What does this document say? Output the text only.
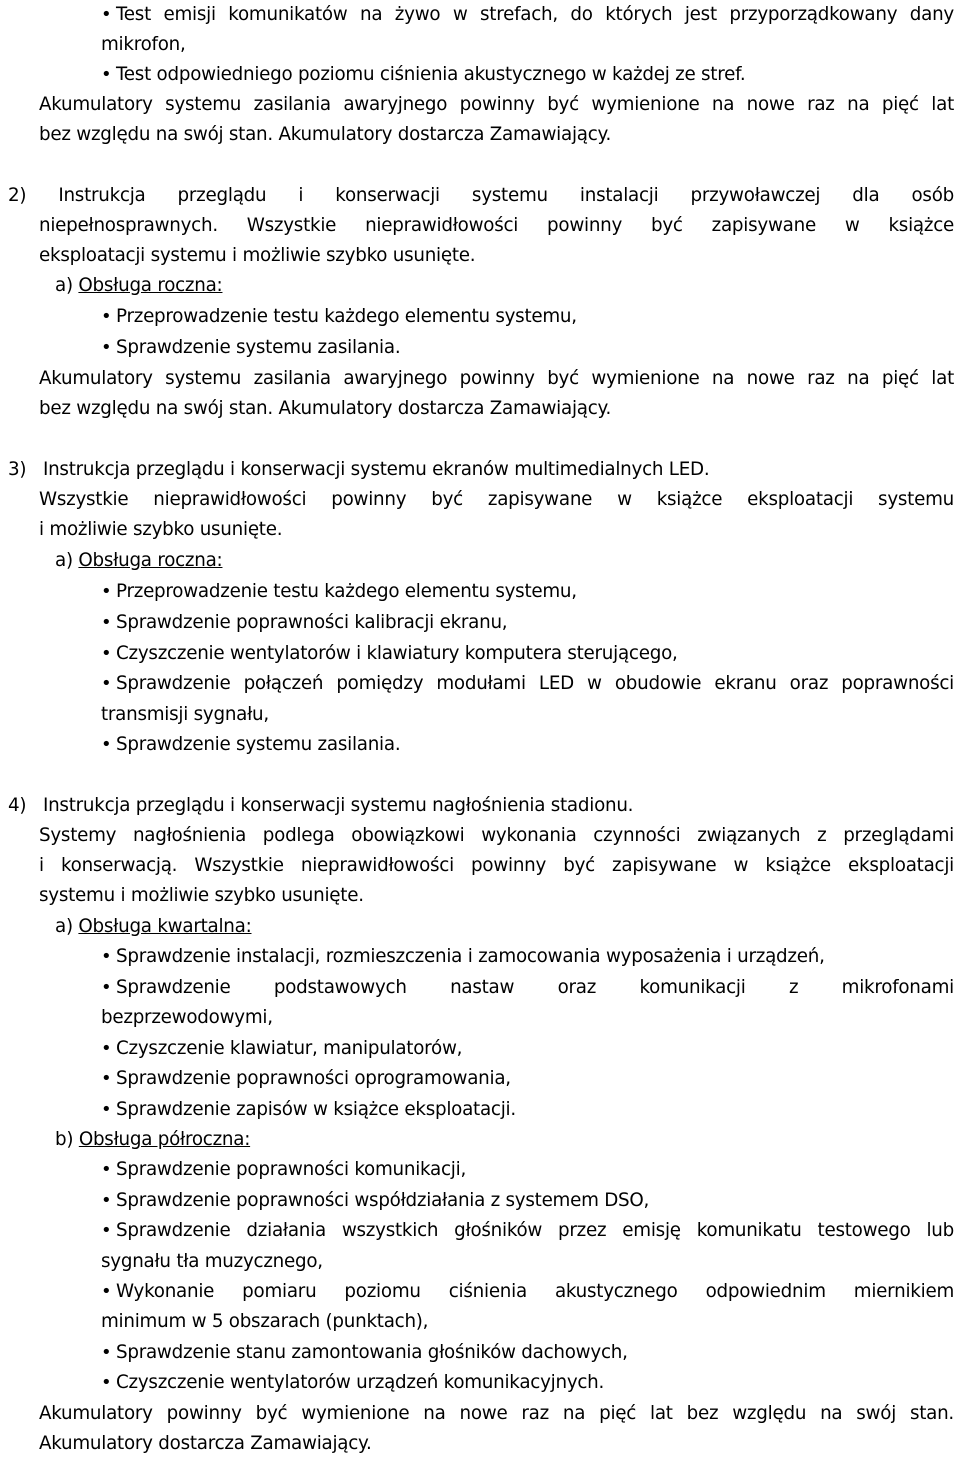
• Test emisji komunikatów na żywo w strefach, do których jest przyporządkowany dany
mikrofon,
• Test odpowiedniego poziomu ciśnienia akustycznego w każdej ze stref.
Akumulatory systemu zasilania awaryjnego powinny być wymienione na nowe raz na pięć lat
bez względu na swój stan. Akumulatory dostarcza Zamawiający.
2) Instrukcja przeglądu i konserwacji systemu instalacji przywoławczej dla osób
niepełnosprawnych. Wszystkie nieprawidłowości powinny być zapisywane w książce
eksploatacji systemu i możliwie szybko usunięte.
a) Obsługa roczna:
• Przeprowadzenie testu każdego elementu systemu,
• Sprawdzenie systemu zasilania.
Akumulatory systemu zasilania awaryjnego powinny być wymienione na nowe raz na pięć lat
bez względu na swój stan. Akumulatory dostarcza Zamawiający.
3) Instrukcja przeglądu i konserwacji systemu ekranów multimedialnych LED.
Wszystkie nieprawidłowości powinny być zapisywane w książce eksploatacji systemu
i możliwie szybko usunięte.
a) Obsługa roczna:
• Przeprowadzenie testu każdego elementu systemu,
• Sprawdzenie poprawności kalibracji ekranu,
• Czyszczenie wentylatorów i klawiatury komputera sterującego,
• Sprawdzenie połączeń pomiędzy modułami LED w obudowie ekranu oraz poprawności
transmisji sygnału,
• Sprawdzenie systemu zasilania.
4) Instrukcja przeglądu i konserwacji systemu nagłośnienia stadionu.
Systemy nagłośnienia podlega obowiązkowi wykonania czynności związanych z przeglądami
i konserwacją. Wszystkie nieprawidłowości powinny być zapisywane w książce eksploatacji
systemu i możliwie szybko usunięte.
a) Obsługa kwartalna:
• Sprawdzenie instalacji, rozmieszczenia i zamocowania wyposażenia i urządzeń,
• Sprawdzenie podstawowych nastaw oraz komunikacji z mikrofonami
bezprzewodowymi,
• Czyszczenie klawiatur, manipulatorów,
• Sprawdzenie poprawności oprogramowania,
• Sprawdzenie zapisów w książce eksploatacji.
b) Obsługa półroczna:
• Sprawdzenie poprawności komunikacji,
• Sprawdzenie poprawności współdziałania z systemem DSO,
• Sprawdzenie działania wszystkich głośników przez emisję komunikatu testowego lub
sygnału tła muzycznego,
• Wykonanie pomiaru poziomu ciśnienia akustycznego odpowiednim miernikiem
minimum w 5 obszarach (punktach),
• Sprawdzenie stanu zamontowania głośników dachowych,
• Czyszczenie wentylatorów urządzeń komunikacyjnych.
Akumulatory powinny być wymienione na nowe raz na pięć lat bez względu na swój stan.
Akumulatory dostarcza Zamawiający.
